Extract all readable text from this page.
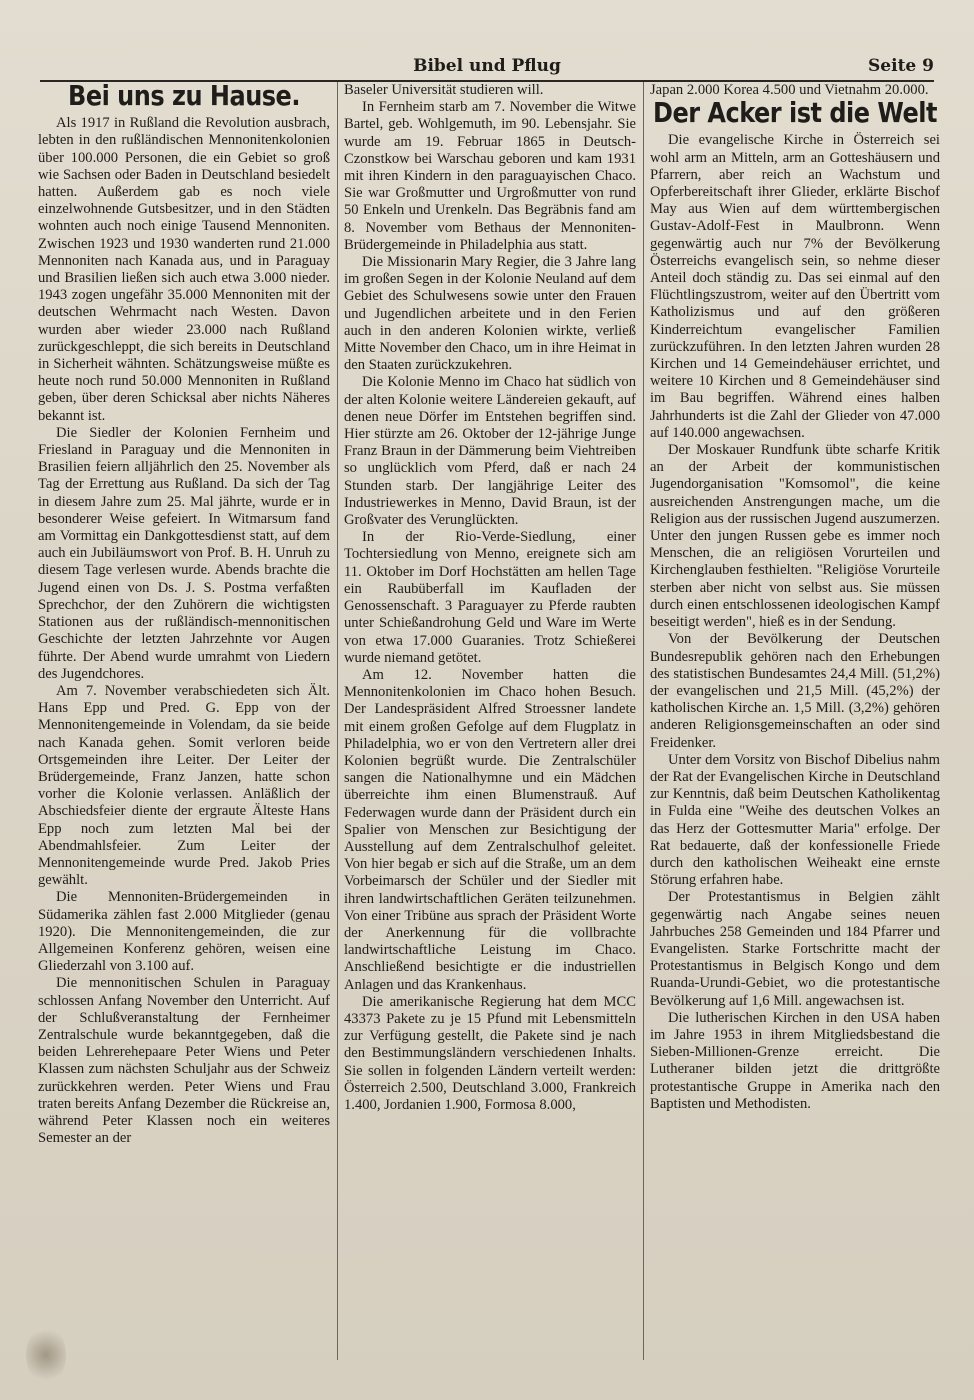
Bibel und Pflug	Seite 9
Bei uns zu Hause.

Als 1917 in Rußland die Revolution ausbrach, lebten in den rußländischen Mennonitenkolonien über 100.000 Personen, die ein Gebiet so groß wie Sachsen oder Baden in Deutschland besiedelt hatten. Außerdem gab es noch viele einzelwohnende Gutsbesitzer, und in den Städten wohnten auch noch einige Tausend Mennoniten. Zwischen 1923 und 1930 wanderten rund 21.000 Mennoniten nach Kanada aus, und in Paraguay und Brasilien ließen sich auch etwa 3.000 nieder. 1943 zogen ungefähr 35.000 Mennoniten mit der deutschen Wehrmacht nach Westen. Davon wurden aber wieder 23.000 nach Rußland zurückgeschleppt, die sich bereits in Deutschland in Sicherheit wähnten. Schätzungsweise müßte es heute noch rund 50.000 Mennoniten in Rußland geben, über deren Schicksal aber nichts Näheres bekannt ist.

Die Siedler der Kolonien Fernheim und Friesland in Paraguay und die Mennoniten in Brasilien feiern alljährlich den 25. November als Tag der Errettung aus Rußland. Da sich der Tag in diesem Jahre zum 25. Mal jährte, wurde er in besonderer Weise gefeiert. In Witmarsum fand am Vormittag ein Dankgottesdienst statt, auf dem auch ein Jubiläumswort von Prof. B. H. Unruh zu diesem Tage verlesen wurde. Abends brachte die Jugend einen von Ds. J. S. Postma verfaßten Sprechchor, der den Zuhörern die wichtigsten Stationen aus der rußländisch-mennonitischen Geschichte der letzten Jahrzehnte vor Augen führte. Der Abend wurde umrahmt von Liedern des Jugendchores.

Am 7. November verabschiedeten sich Ält. Hans Epp und Pred. G. Epp von der Mennonitengemeinde in Volendam, da sie beide nach Kanada gehen. Somit verloren beide Ortsgemeinden ihre Leiter. Der Leiter der Brüdergemeinde, Franz Janzen, hatte schon vorher die Kolonie verlassen. Anläßlich der Abschiedsfeier diente der ergraute Älteste Hans Epp noch zum letzten Mal bei der Abendmahlsfeier. Zum Leiter der Mennonitengemeinde wurde Pred. Jakob Pries gewählt.

Die Mennoniten-Brüdergemeinden in Südamerika zählen fast 2.000 Mitglieder (genau 1920). Die Mennonitengemeinden, die zur Allgemeinen Konferenz gehören, weisen eine Gliederzahl von 3.100 auf.

Die mennonitischen Schulen in Paraguay schlossen Anfang November den Unterricht. Auf der Schlußveranstaltung der Fernheimer Zentralschule wurde bekanntgegeben, daß die beiden Lehrerehepaare Peter Wiens und Peter Klassen zum nächsten Schuljahr aus der Schweiz zurückkehren werden. Peter Wiens und Frau traten bereits Anfang Dezember die Rückreise an, während Peter Klassen noch ein weiteres Semester an der

Baseler Universität studieren will.

In Fernheim starb am 7. November die Witwe Bartel, geb. Wohlgemuth, im 90. Lebensjahr. Sie wurde am 19. Februar 1865 in Deutsch-Czonstkow bei Warschau geboren und kam 1931 mit ihren Kindern in den paraguayischen Chaco. Sie war Großmutter und Urgroßmutter von rund 50 Enkeln und Urenkeln. Das Begräbnis fand am 8. November vom Bethaus der Mennoniten-Brüdergemeinde in Philadelphia aus statt.

Die Missionarin Mary Regier, die 3 Jahre lang im großen Segen in der Kolonie Neuland auf dem Gebiet des Schulwesens sowie unter den Frauen und Jugendlichen arbeitete und in den Ferien auch in den anderen Kolonien wirkte, verließ Mitte November den Chaco, um in ihre Heimat in den Staaten zurückzukehren.

Die Kolonie Menno im Chaco hat südlich von der alten Kolonie weitere Ländereien gekauft, auf denen neue Dörfer im Entstehen begriffen sind. Hier stürzte am 26. Oktober der 12-jährige Junge Franz Braun in der Dämmerung beim Viehtreiben so unglücklich vom Pferd, daß er nach 24 Stunden starb. Der langjährige Leiter des Industriewerkes in Menno, David Braun, ist der Großvater des Verunglückten.

In der Rio-Verde-Siedlung, einer Tochtersiedlung von Menno, ereignete sich am 11. Oktober im Dorf Hochstätten am hellen Tage ein Raubüberfall im Kaufladen der Genossenschaft. 3 Paraguayer zu Pferde raubten unter Schießandrohung Geld und Ware im Werte von etwa 17.000 Guaranies. Trotz Schießerei wurde niemand getötet.

Am 12. November hatten die Mennonitenkolonien im Chaco hohen Besuch. Der Landespräsident Alfred Stroessner landete mit einem großen Gefolge auf dem Flugplatz in Philadelphia, wo er von den Vertretern aller drei Kolonien begrüßt wurde. Die Zentralschüler sangen die Nationalhymne und ein Mädchen überreichte ihm einen Blumenstrauß. Auf Federwagen wurde dann der Präsident durch ein Spalier von Menschen zur Besichtigung der Ausstellung auf dem Zentralschulhof geleitet. Von hier begab er sich auf die Straße, um an dem Vorbeimarsch der Schüler und der Siedler mit ihren landwirtschaftlichen Geräten teilzunehmen. Von einer Tribüne aus sprach der Präsident Worte der Anerkennung für die vollbrachte landwirtschaftliche Leistung im Chaco. Anschließend besichtigte er die industriellen Anlagen und das Krankenhaus.

Die amerikanische Regierung hat dem MCC 43373 Pakete zu je 15 Pfund mit Lebensmitteln zur Verfügung gestellt, die Pakete sind je nach den Bestimmungsländern verschiedenen Inhalts. Sie sollen in folgenden Ländern verteilt werden: Österreich 2.500, Deutschland 3.000, Frankreich 1.400, Jordanien 1.900, Formosa 8.000,

Japan 2.000 Korea 4.500 und Vietnahm 20.000.

Der Acker ist die Welt

Die evangelische Kirche in Österreich sei wohl arm an Mitteln, arm an Gotteshäusern und Pfarrern, aber reich an Wachstum und Opferbereitschaft ihrer Glieder, erklärte Bischof May aus Wien auf dem württembergischen Gustav-Adolf-Fest in Maulbronn. Wenn gegenwärtig auch nur 7% der Bevölkerung Österreichs evangelisch sein, so nehme dieser Anteil doch ständig zu. Das sei einmal auf den Flüchtlingszustrom, weiter auf den Übertritt vom Katholizismus und auf den größeren Kinderreichtum evangelischer Familien zurückzuführen. In den letzten Jahren wurden 28 Kirchen und 14 Gemeindehäuser errichtet, und weitere 10 Kirchen und 8 Gemeindehäuser sind im Bau begriffen. Während eines halben Jahrhunderts ist die Zahl der Glieder von 47.000 auf 140.000 angewachsen.

Der Moskauer Rundfunk übte scharfe Kritik an der Arbeit der kommunistischen Jugendorganisation "Komsomol", die keine ausreichenden Anstrengungen mache, um die Religion aus der russischen Jugend auszumerzen. Unter den jungen Russen gebe es immer noch Menschen, die an religiösen Vorurteilen und Kirchenglauben festhielten. "Religiöse Vorurteile sterben aber nicht von selbst aus. Sie müssen durch einen entschlossenen ideologischen Kampf beseitigt werden", hieß es in der Sendung.

Von der Bevölkerung der Deutschen Bundesrepublik gehören nach den Erhebungen des statistischen Bundesamtes 24,4 Mill. (51,2%) der evangelischen und 21,5 Mill. (45,2%) der katholischen Kirche an. 1,5 Mill. (3,2%) gehören anderen Religionsgemeinschaften an oder sind Freidenker.

Unter dem Vorsitz von Bischof Dibelius nahm der Rat der Evangelischen Kirche in Deutschland zur Kenntnis, daß beim Deutschen Katholikentag in Fulda eine "Weihe des deutschen Volkes an das Herz der Gottesmutter Maria" erfolge. Der Rat bedauerte, daß der konfessionelle Friede durch den katholischen Weiheakt eine ernste Störung erfahren habe.

Der Protestantismus in Belgien zählt gegenwärtig nach Angabe seines neuen Jahrbuches 258 Gemeinden und 184 Pfarrer und Evangelisten. Starke Fortschritte macht der Protestantismus in Belgisch Kongo und dem Ruanda-Urundi-Gebiet, wo die protestantische Bevölkerung auf 1,6 Mill. angewachsen ist.

Die lutherischen Kirchen in den USA haben im Jahre 1953 in ihrem Mitgliedsbestand die Sieben-Millionen-Grenze erreicht. Die Lutheraner bilden jetzt die drittgrößte protestantische Gruppe in Amerika nach den Baptisten und Methodisten.
